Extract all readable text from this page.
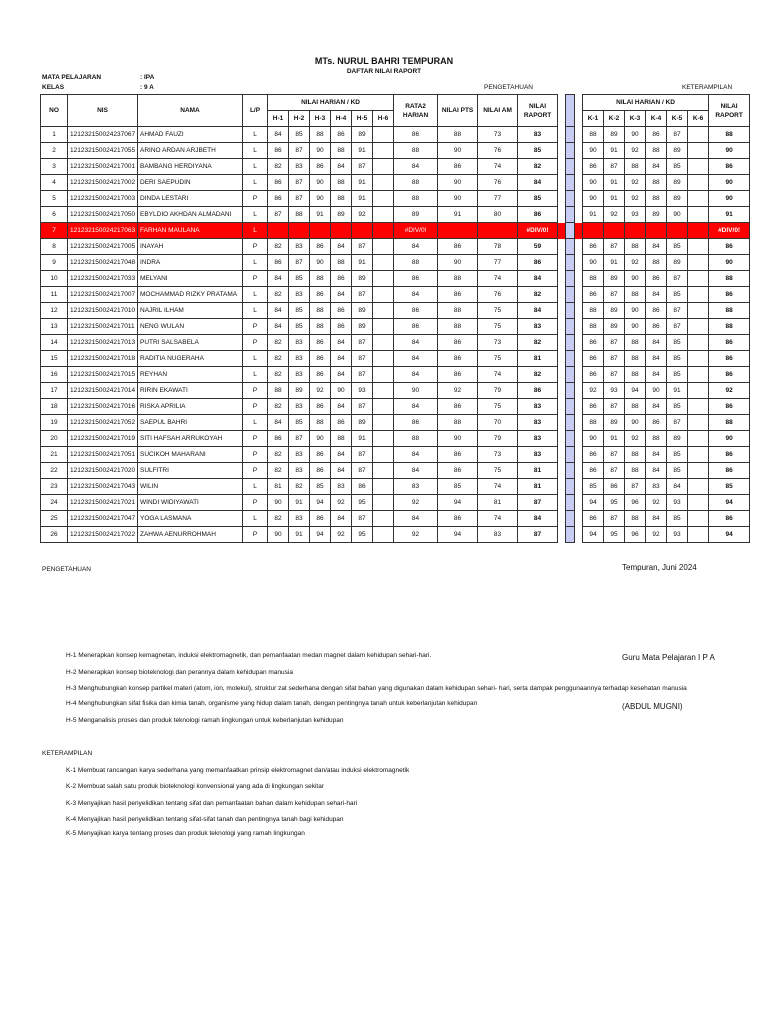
MTs. NURUL BAHRI TEMPURAN
DAFTAR NILAI RAPORT
MATA PELAJARAN	: IPA
KELAS	: 9 A	PENGETAHUAN	KETERAMPILAN
NO	NIS	NAMA	L/P	NILAI HARIAN / KD						RATA2 HARIAN	NILAI PTS	NILAI AM	NILAI RAPORT				NILAI HARIAN / KD						NILAI RAPORT
				H-1	H-2	H-3	H-4	H-5	H-6								K-1	K-2	K-3	K-4	K-5	K-6	
1	121232150024237067	AHMAD FAUZI	L	84	85	88	86	89		86	88	73	83				88	89	90	86	87		88
2	121232150024217055	ARINO ARDAN ARJBETH	L	86	87	90	88	91		88	90	76	85				90	91	92	88	89		90
3	121232150024217001	BAMBANG HERDIYANA	L	82	83	86	84	87		84	86	74	82				86	87	88	84	85		86
4	121232150024217002	DERI SAEPUDIN	L	86	87	90	88	91		88	90	76	84				90	91	92	88	89		90
5	121232150024217003	DINDA LESTARI	P	86	87	90	88	91		88	90	77	85				90	91	92	88	89		90
6	121232150024217050	EBYLDIO AKHDAN ALMADANI	L	87	88	91	89	92		89	91	80	86				91	92	93	89	90		91
7	121232150024217063	FARHAN MAULANA	L							#DIV/0!			#DIV/0!										#DIV/0!
8	121232150024217005	INAYAH	P	82	83	86	84	87		84	86	78	59				86	87	88	84	85		86
9	121232150024217048	INDRA	L	86	87	90	88	91		88	90	77	86				90	91	92	88	89		90
10	121232150024217033	MELYANI	P	84	85	88	86	89		86	88	74	84				88	89	90	86	87		88
11	121232150024217007	MOCHAMMAD RIZKY PRATAMA	L	82	83	86	84	87		84	86	76	82				86	87	88	84	85		86
12	121232150024217010	NAJRIL ILHAM	L	84	85	88	86	89		86	88	75	84				88	89	90	86	87		88
13	121232150024217011	NENG WULAN	P	84	85	88	86	89		86	88	75	83				88	89	90	86	87		88
14	121232150024217013	PUTRI SALSABELA	P	82	83	86	84	87		84	86	73	82				86	87	88	84	85		86
15	121232150024217018	RADITIA NUGERAHA	L	82	83	86	84	87		84	86	75	81				86	87	88	84	85		86
16	121232150024217015	REYHAN	L	82	83	86	84	87		84	86	74	82				86	87	88	84	85		86
17	121232150024217014	RIRIN EKAWATI	P	88	89	92	90	93		90	92	79	86				92	93	94	90	91		92
18	121232150024217016	RISKA APRILIA	P	82	83	86	84	87		84	86	75	83				86	87	88	84	85		86
19	121232150024217052	SAEPUL BAHRI	L	84	85	88	86	89		86	88	70	83				88	89	90	86	87		88
20	121232150024217019	SITI HAFSAH ARRUKOYAH	P	86	87	90	88	91		88	90	79	83				90	91	92	88	89		90
21	121232150024217051	SUCIKOH MAHARANI	P	82	83	86	84	87		84	86	73	83				86	87	88	84	85		86
22	121232150024217020	SULFITRI	P	82	83	86	84	87		84	86	75	81				86	87	88	84	85		86
23	121232150024217043	WILIN	L	81	82	85	83	86		83	85	74	81				85	86	87	83	84		85
24	121232150024217021	WINDI WIDIYAWATI	P	90	91	94	92	95		92	94	81	87				94	95	96	92	93		94
25	121232150024217047	YOGA LASMANA	L	82	83	86	84	87		84	86	74	84				86	87	88	84	85		86
26	121232150024217022	ZAHWA AENURROHMAH	P	90	91	94	92	95		92	94	83	87				94	95	96	92	93		94
PENGETAHUAN	Tempuran, Juni 2024
Guru Mata Pelajaran I P A
(ABDUL MUGNI)
H-1 Menerapkan konsep kemagnetan, induksi elektromagnetik, dan pemanfaatan medan magnet dalam kehidupan sehari-hari.
H-2 Menerapkan konsep bioteknologi dan perannya dalam kehidupan manusia
H-3 Menghubungkan konsep partikel materi (atom, ion, molekul), struktur zat sederhana dengan sifat bahan yang digunakan dalam kehidupan sehari- hari, serta dampak penggunaannya terhadap kesehatan manusia
H-4 Menghubungkan sifat fisika dan kimia tanah, organisme yang hidup dalam tanah, dengan pentingnya tanah untuk keberlanjutan kehidupan
H-5 Menganalisis proses dan produk teknologi ramah lingkungan untuk keberlanjutan kehidupan
KETERAMPILAN
K-1 Membuat rancangan karya sederhana yang memanfaatkan prinsip elektromagnet dan/atau induksi elektromagnetik
K-2 Membuat salah satu produk bioteknologi konvensional yang ada di lingkungan sekitar
K-3 Menyajikan hasil penyelidikan tentang sifat dan pemanfaatan bahan dalam kehidupan sehari-hari
K-4 Menyajikan hasil penyelidikan tentang sifat-sifat tanah dan pentingnya tanah bagi kehidupan
K-5 Menyajikan karya tentang proses dan produk teknologi yang ramah lingkungan
